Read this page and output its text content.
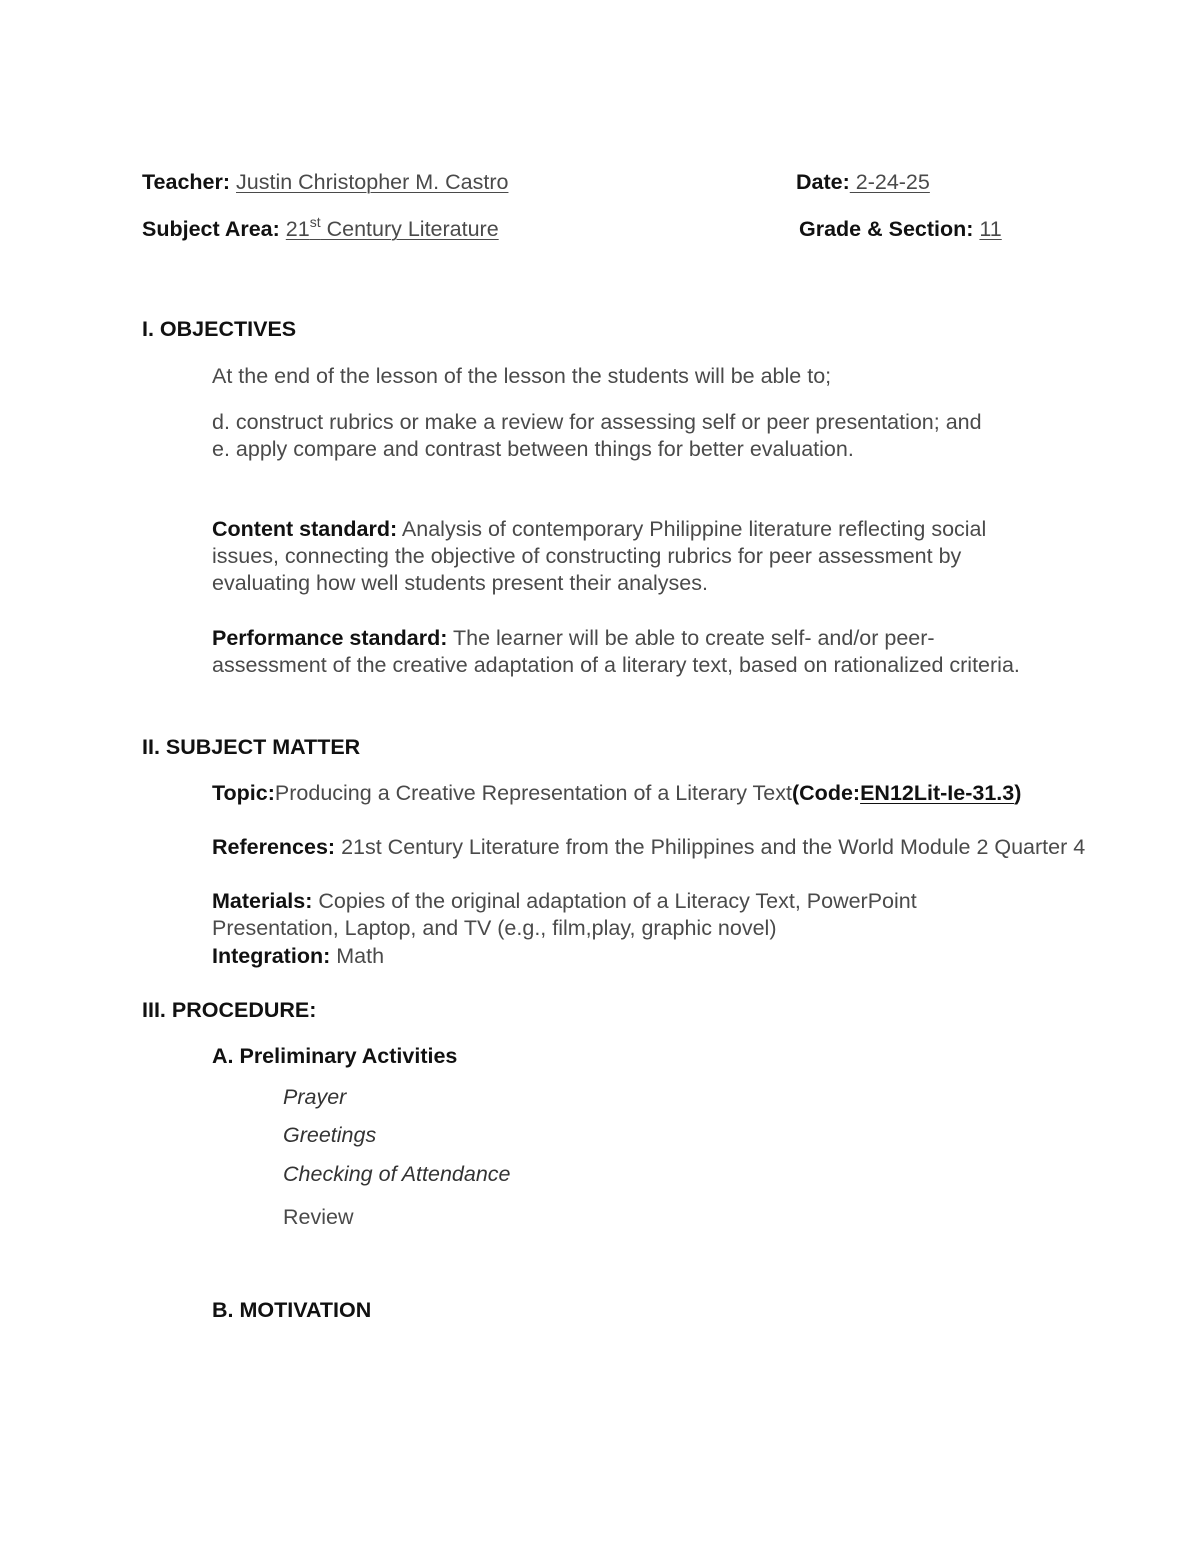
Teacher: Justin Christopher M. Castro	Date: 2-24-25
Subject Area: 21st Century Literature	Grade & Section: 11
I. OBJECTIVES
At the end of the lesson of the lesson the students will be able to;
d. construct rubrics or make a review for assessing self or peer presentation; and
e. apply compare and contrast between things for better evaluation.
Content standard: Analysis of contemporary Philippine literature reflecting social issues, connecting the objective of constructing rubrics for peer assessment by evaluating how well students present their analyses.
Performance standard: The learner will be able to create self- and/or peer-assessment of the creative adaptation of a literary text, based on rationalized criteria.
II. SUBJECT MATTER
Topic:Producing a Creative Representation of a Literary Text(Code:EN12Lit-Ie-31.3)
References: 21st Century Literature from the Philippines and the World Module 2 Quarter 4
Materials: Copies of the original adaptation of a Literacy Text, PowerPoint Presentation, Laptop, and TV (e.g., film,play, graphic novel)
Integration: Math
III. PROCEDURE:
A. Preliminary Activities
Prayer
Greetings
Checking of Attendance
Review
B. MOTIVATION
